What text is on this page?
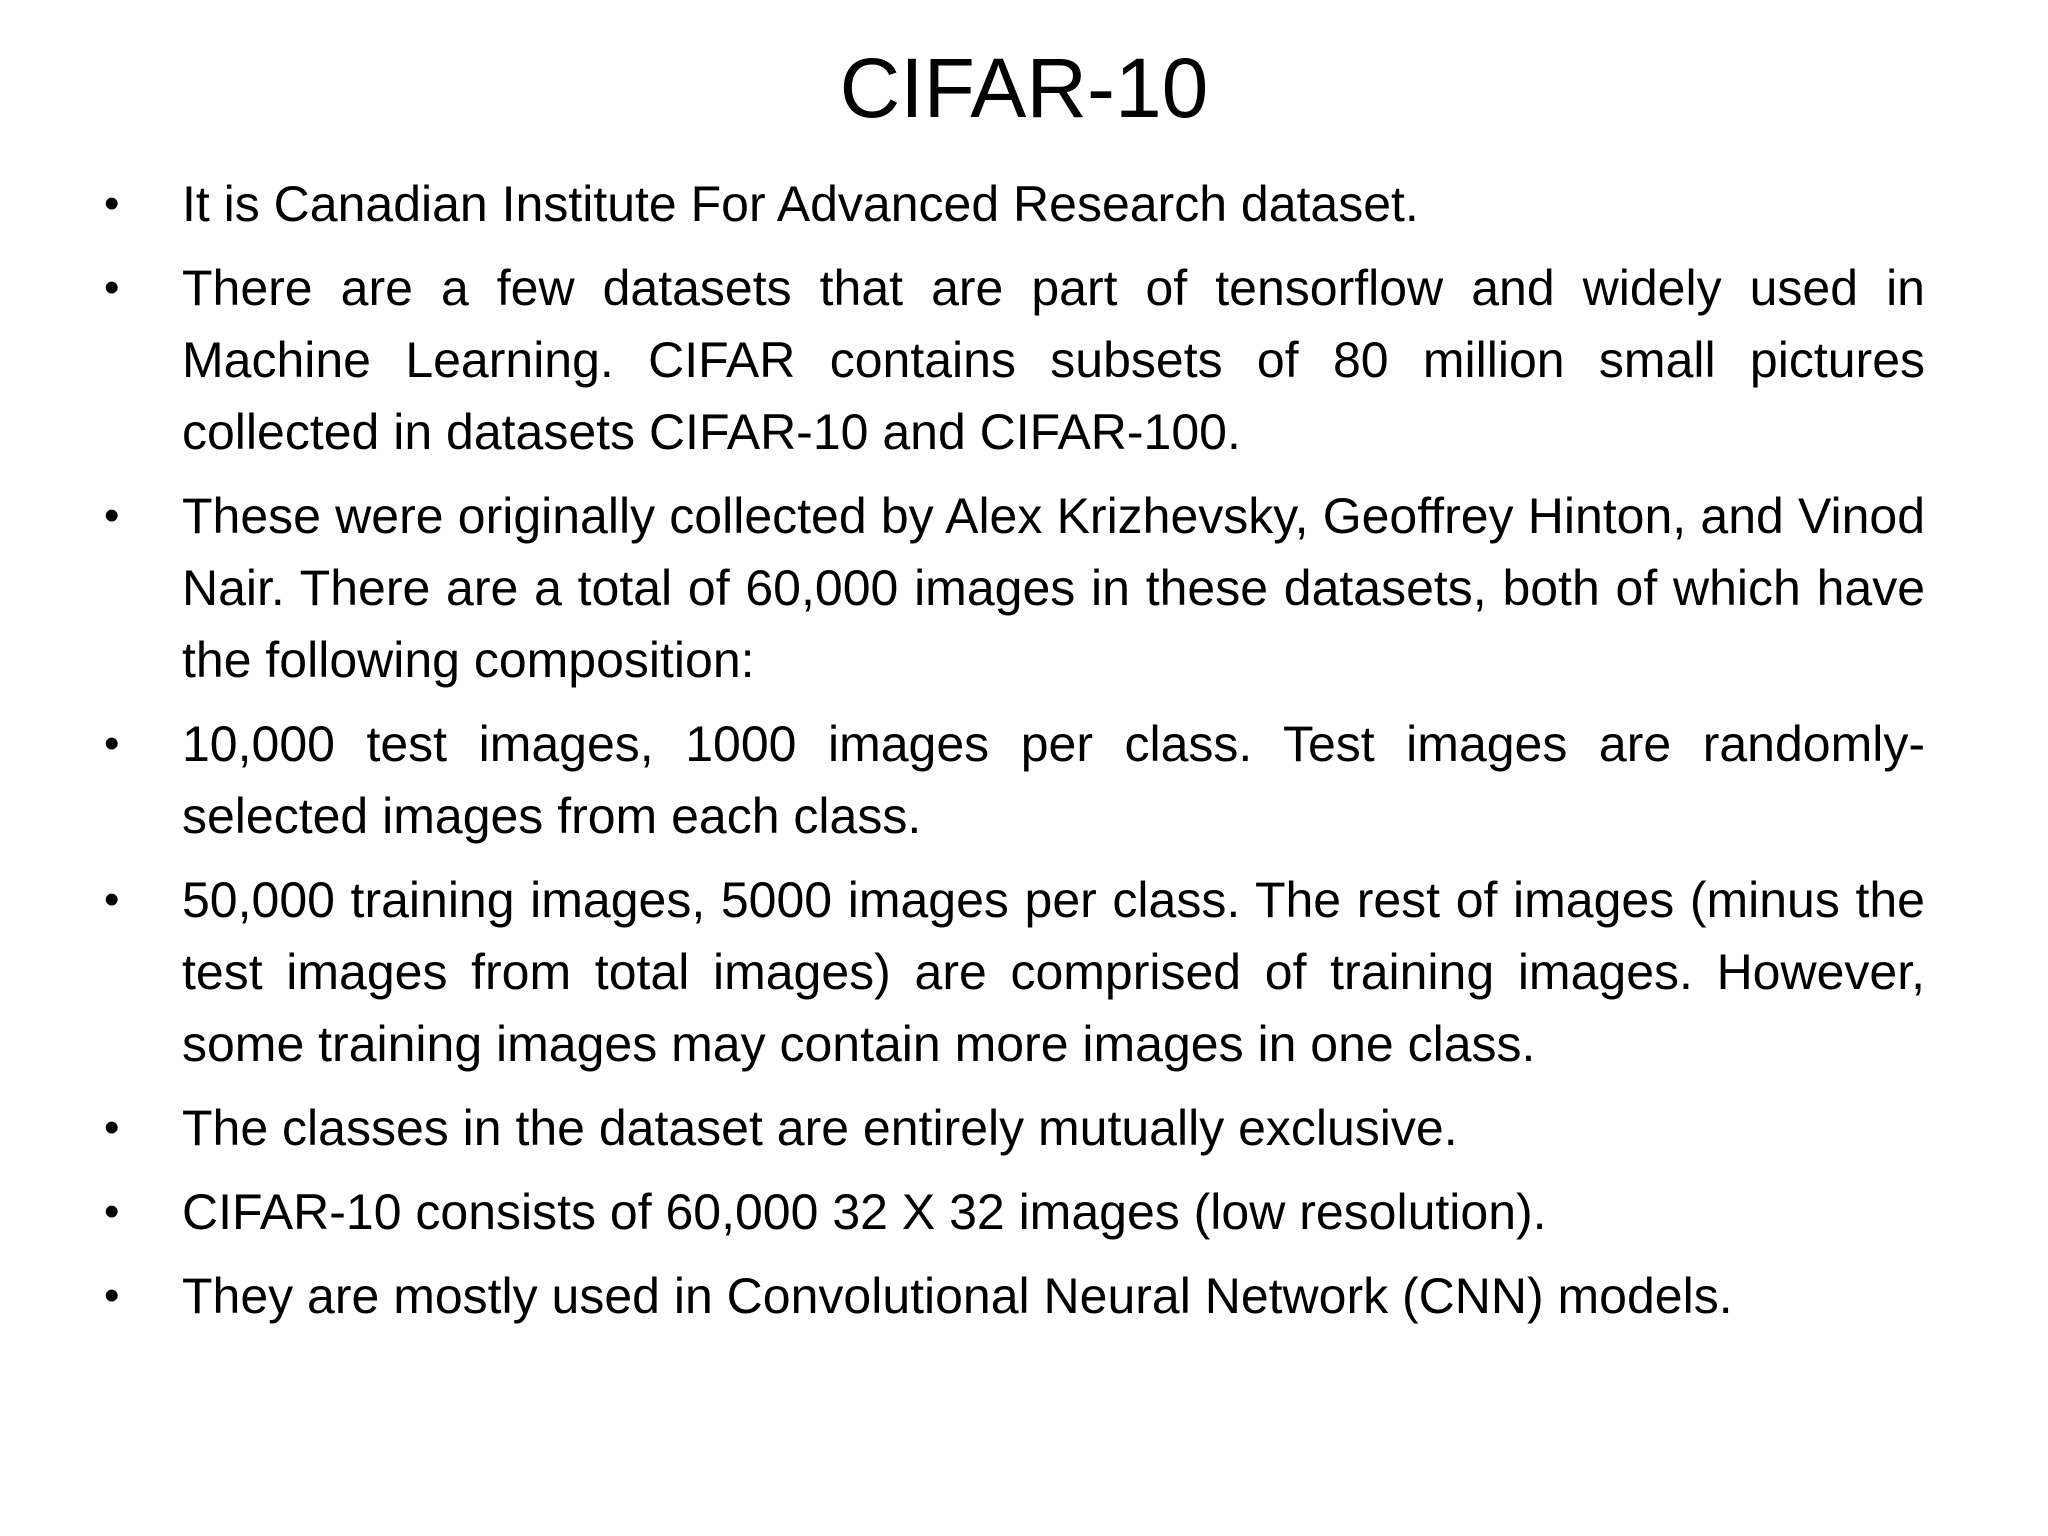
CIFAR-10
•	It is Canadian Institute For Advanced Research dataset.
•	There are a few datasets that are part of tensorflow and widely used in Machine Learning. CIFAR contains subsets of 80 million small pictures collected in datasets CIFAR-10 and CIFAR-100.
•	These were originally collected by Alex Krizhevsky, Geoffrey Hinton, and Vinod Nair. There are a total of 60,000 images in these datasets, both of which have the following composition:
•	10,000 test images, 1000 images per class. Test images are randomly-selected images from each class.
•	50,000 training images, 5000 images per class. The rest of images (minus the test images from total images) are comprised of training images. However, some training images may contain more images in one class.
•	The classes in the dataset are entirely mutually exclusive.
•	CIFAR-10 consists of 60,000 32 X 32 images (low resolution).
•	They are mostly used in Convolutional Neural Network (CNN) models.
